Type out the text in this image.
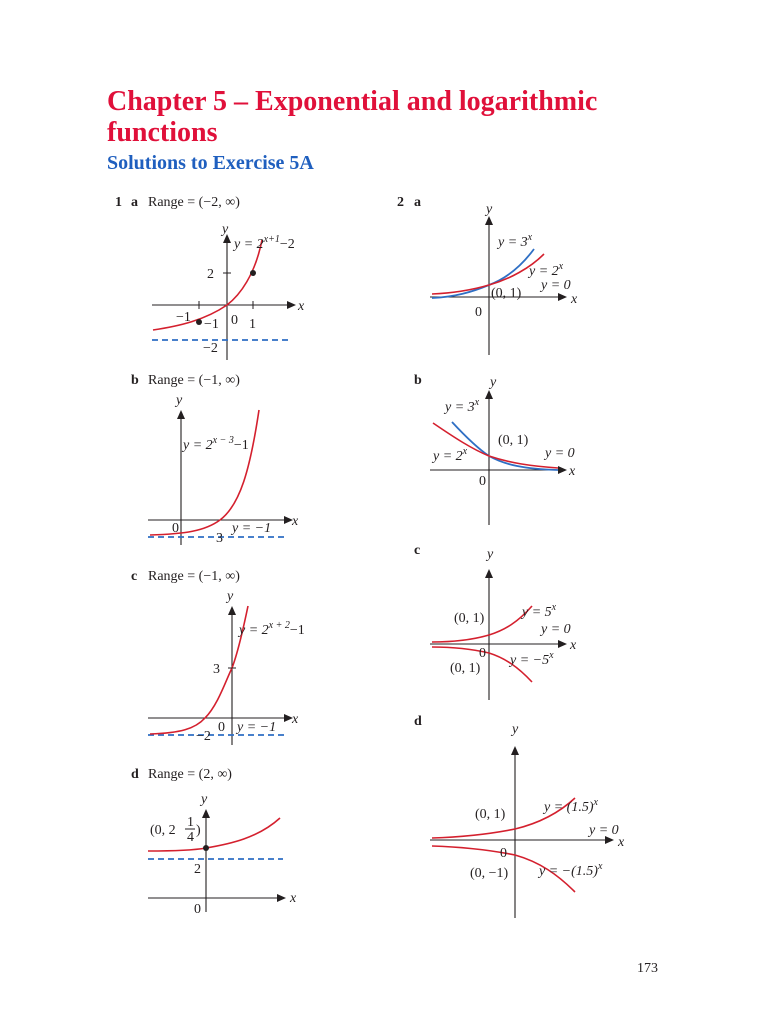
Chapter 5 – Exponential and logarithmic functions
Solutions to Exercise 5A
1 a Range = (−2, ∞)
b Range = (−1, ∞)
c Range = (−1, ∞)
d Range = (2, ∞)
2 a
b
c
d
y
x
$y = 2^{x+1}-2$
2
−1 −1 0 1
−2
y
x
$y = 2^{x - 3}-1$
0
3
y = −1
y
x
$y = 2^{x + 2}-1$
3
0 y = −1
−2
y
x
(0, 2
1
4 )
2
0
y
x
$y = 3^x$
$y = 2^x$
y = 0
(0, 1)
0
y
x
$y = 3^x$
$y = 2^x$
(0, 1)
y = 0
0
y
x
(0, 1)	$y = 5^x$
y = 0
0 $y = -5^x$
(0, 1)
y
x
(0, 1)	$y = (1.5)^x$
y = 0
0
(0, −1) $y = -(1.5)^x$
173
